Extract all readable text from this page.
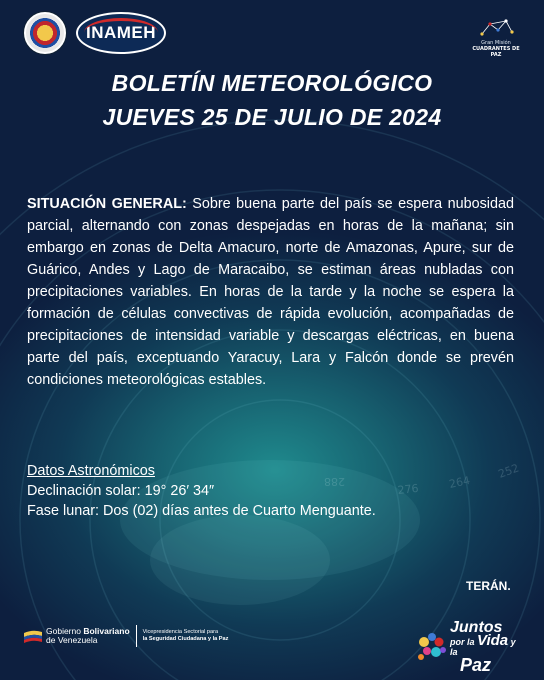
252
264
276
288
INAMEH
Gran Misión
CUADRANTES DE PAZ
BOLETÍN METEOROLÓGICO
JUEVES 25 DE JULIO DE 2024
SITUACIÓN GENERAL: Sobre buena parte del país se espera nubosidad parcial, alternando con zonas despejadas en horas de la mañana; sin embargo en zonas de Delta Amacuro, norte de Amazonas, Apure, sur de Guárico, Andes y Lago de Maracaibo, se estiman áreas nubladas con precipitaciones variables. En horas de la tarde y la noche se espera la formación de células convectivas de rápida evolución, acompañadas de precipitaciones de intensidad variable y descargas eléctricas, en buena parte del país, exceptuando Yaracuy, Lara y Falcón donde se prevén condiciones meteorológicas estables.
Datos Astronómicos
Declinación solar: 19° 26′ 34″
Fase lunar: Dos (02) días antes de Cuarto Menguante.
TERÁN.
Gobierno Bolivariano
de Venezuela
Vicepresidencia Sectorial para
la Seguridad Ciudadana y la Paz
Juntos
por la Vida y la
Paz
